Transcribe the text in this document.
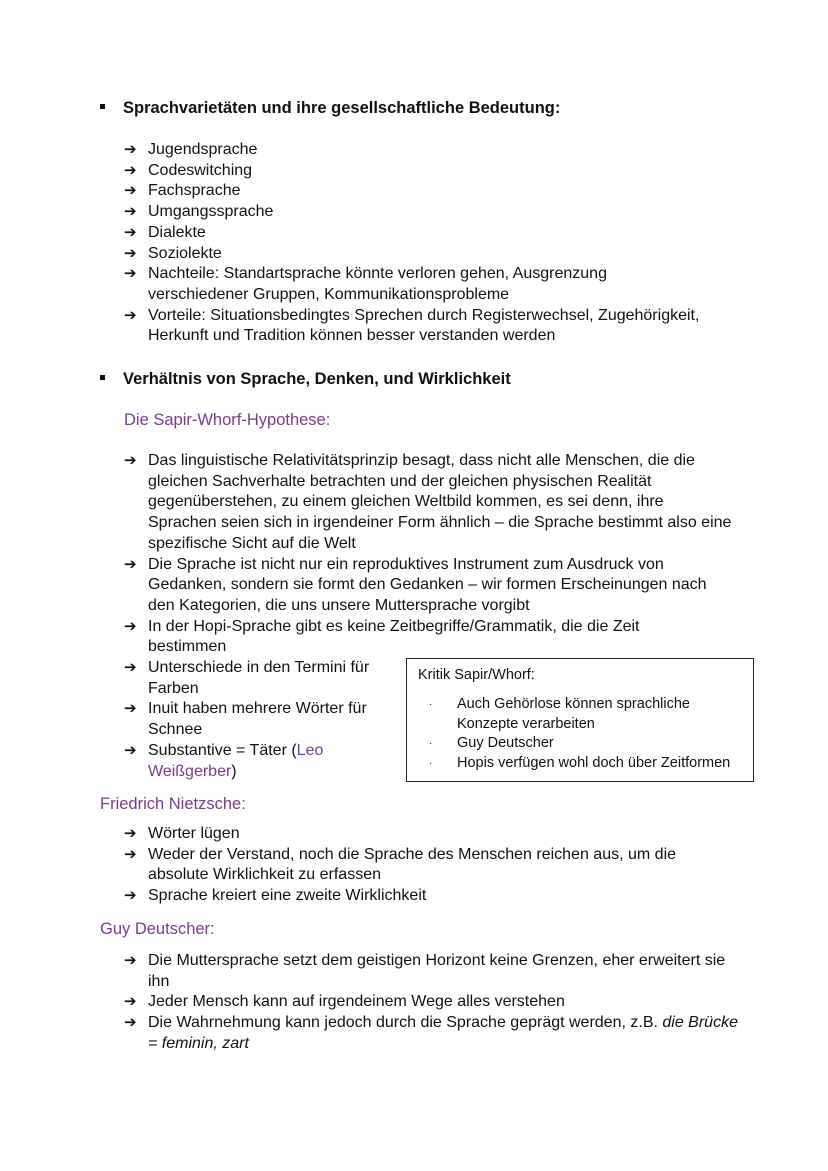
Sprachvarietäten und ihre gesellschaftliche Bedeutung:
➔ Jugendsprache
➔ Codeswitching
➔ Fachsprache
➔ Umgangssprache
➔ Dialekte
➔ Soziolekte
➔ Nachteile: Standartsprache könnte verloren gehen, Ausgrenzung verschiedener Gruppen, Kommunikationsprobleme
➔ Vorteile: Situationsbedingtes Sprechen durch Registerwechsel, Zugehörigkeit, Herkunft und Tradition können besser verstanden werden
Verhältnis von Sprache, Denken, und Wirklichkeit
Die Sapir-Whorf-Hypothese:
➔ Das linguistische Relativitätsprinzip besagt, dass nicht alle Menschen, die die gleichen Sachverhalte betrachten und der gleichen physischen Realität gegenüberstehen, zu einem gleichen Weltbild kommen, es sei denn, ihre Sprachen seien sich in irgendeiner Form ähnlich – die Sprache bestimmt also eine spezifische Sicht auf die Welt
➔ Die Sprache ist nicht nur ein reproduktives Instrument zum Ausdruck von Gedanken, sondern sie formt den Gedanken – wir formen Erscheinungen nach den Kategorien, die uns unsere Muttersprache vorgibt
➔ In der Hopi-Sprache gibt es keine Zeitbegriffe/Grammatik, die die Zeit bestimmen
➔ Unterschiede in den Termini für Farben
➔ Inuit haben mehrere Wörter für Schnee
➔ Substantive = Täter (Leo Weißgerber)
Kritik Sapir/Whorf:
· Auch Gehörlose können sprachliche Konzepte verarbeiten
· Guy Deutscher
· Hopis verfügen wohl doch über Zeitformen
Friedrich Nietzsche:
➔ Wörter lügen
➔ Weder der Verstand, noch die Sprache des Menschen reichen aus, um die absolute Wirklichkeit zu erfassen
➔ Sprache kreiert eine zweite Wirklichkeit
Guy Deutscher:
➔ Die Muttersprache setzt dem geistigen Horizont keine Grenzen, eher erweitert sie ihn
➔ Jeder Mensch kann auf irgendeinem Wege alles verstehen
➔ Die Wahrnehmung kann jedoch durch die Sprache geprägt werden, z.B. die Brücke = feminin, zart
